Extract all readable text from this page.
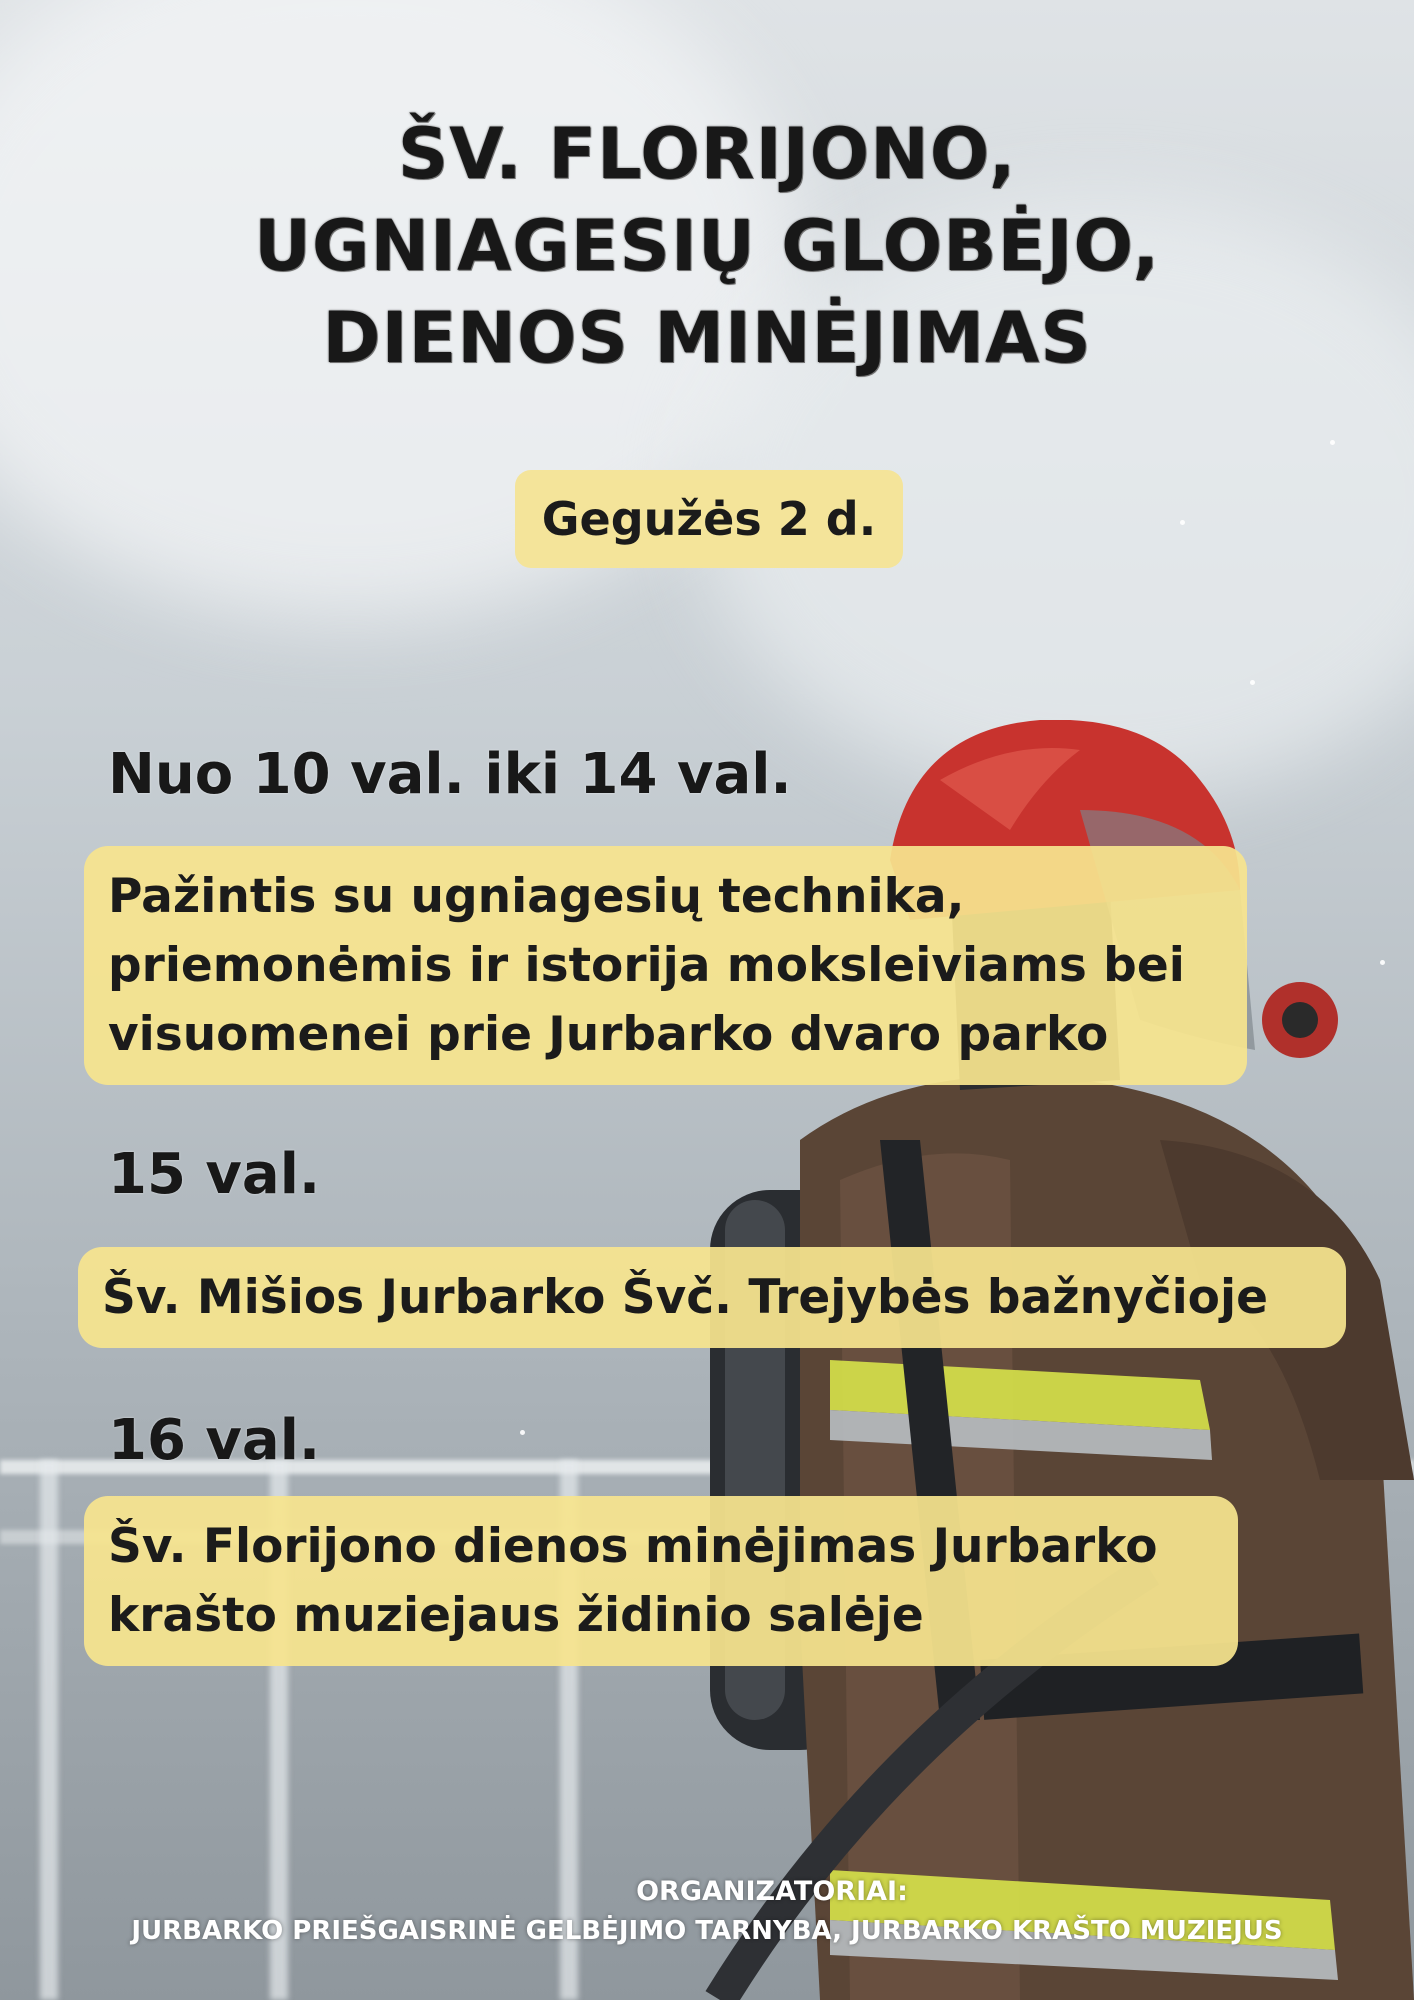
ŠV. FLORIJONO,
UGNIAGESIŲ GLOBĖJO,
DIENOS MINĖJIMAS
Gegužės 2 d.
Nuo 10 val. iki 14 val.
Pažintis su ugniagesių technika,
priemonėmis ir istorija moksleiviams bei
visuomenei prie Jurbarko dvaro parko
15 val.
Šv. Mišios Jurbarko Švč. Trejybės bažnyčioje
16 val.
Šv. Florijono dienos minėjimas Jurbarko
krašto muziejaus židinio salėje
ORGANIZATORIAI:
JURBARKO PRIEŠGAISRINĖ GELBĖJIMO TARNYBA, JURBARKO KRAŠTO MUZIEJUS
